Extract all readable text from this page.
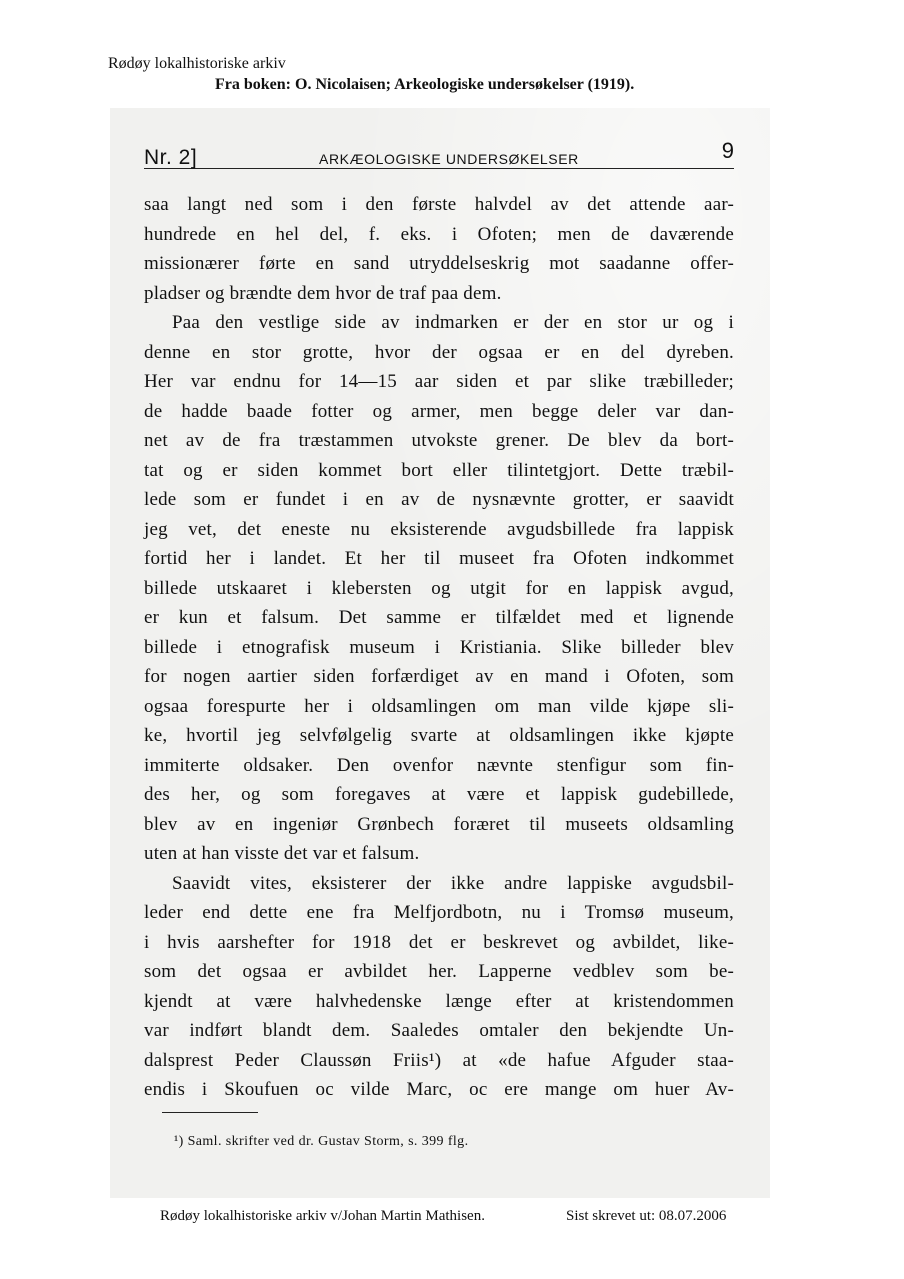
Rødøy lokalhistoriske arkiv
Fra boken: O. Nicolaisen; Arkeologiske undersøkelser (1919).
Nr. 2]	ARKÆOLOGISKE UNDERSØKELSER	9
saa langt ned som i den første halvdel av det attende aar-
hundrede en hel del, f. eks. i Ofoten; men de daværende
missionærer førte en sand utryddelseskrig mot saadanne offer-
pladser og brændte dem hvor de traf paa dem.
Paa den vestlige side av indmarken er der en stor ur og i
denne en stor grotte, hvor der ogsaa er en del dyreben.
Her var endnu for 14—15 aar siden et par slike træbilleder;
de hadde baade fotter og armer, men begge deler var dan-
net av de fra træstammen utvokste grener. De blev da bort-
tat og er siden kommet bort eller tilintetgjort. Dette træbil-
lede som er fundet i en av de nysnævnte grotter, er saavidt
jeg vet, det eneste nu eksisterende avgudsbillede fra lappisk
fortid her i landet. Et her til museet fra Ofoten indkommet
billede utskaaret i klebersten og utgit for en lappisk avgud,
er kun et falsum. Det samme er tilfældet med et lignende
billede i etnografisk museum i Kristiania. Slike billeder blev
for nogen aartier siden forfærdiget av en mand i Ofoten, som
ogsaa forespurte her i oldsamlingen om man vilde kjøpe sli-
ke, hvortil jeg selvfølgelig svarte at oldsamlingen ikke kjøpte
immiterte oldsaker. Den ovenfor nævnte stenfigur som fin-
des her, og som foregaves at være et lappisk gudebillede,
blev av en ingeniør Grønbech foræret til museets oldsamling
uten at han visste det var et falsum.
Saavidt vites, eksisterer der ikke andre lappiske avgudsbil-
leder end dette ene fra Melfjordbotn, nu i Tromsø museum,
i hvis aarshefter for 1918 det er beskrevet og avbildet, like-
som det ogsaa er avbildet her. Lapperne vedblev som be-
kjendt at være halvhedenske længe efter at kristendommen
var indført blandt dem. Saaledes omtaler den bekjendte Un-
dalsprest Peder Claussøn Friis¹) at «de hafue Afguder staa-
endis i Skoufuen oc vilde Marc, oc ere mange om huer Av-
¹) Saml. skrifter ved dr. Gustav Storm, s. 399 flg.
Rødøy lokalhistoriske arkiv v/Johan Martin Mathisen.	Sist skrevet ut: 08.07.2006
